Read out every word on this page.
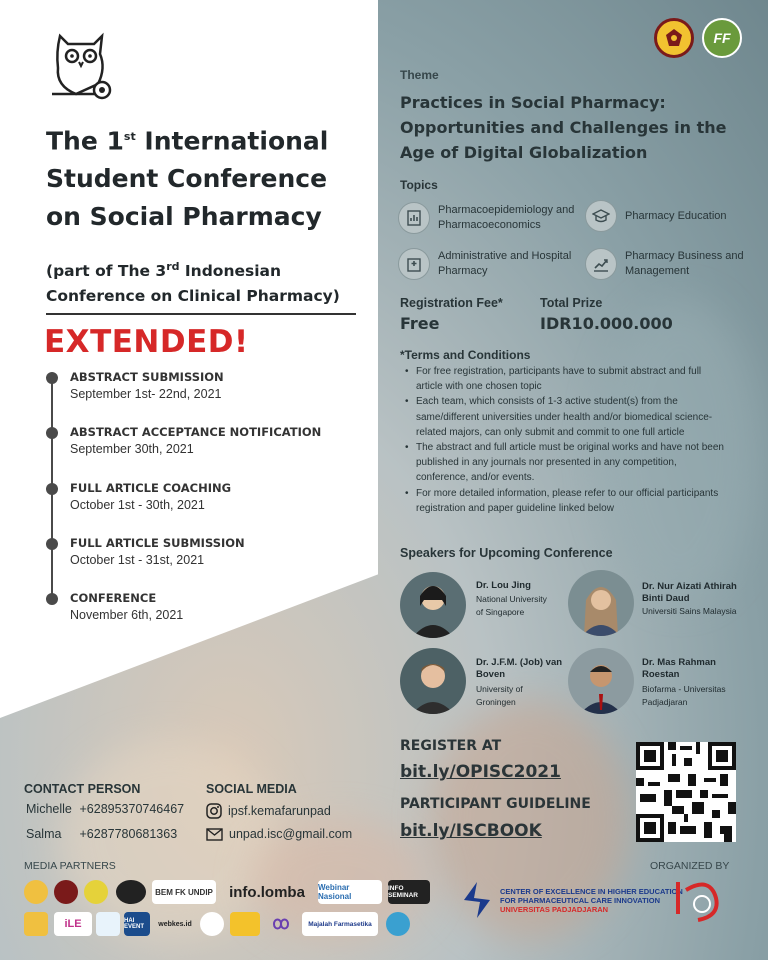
The 1st International Student Conference on Social Pharmacy
(part of The 3rd Indonesian Conference on Clinical Pharmacy)
EXTENDED!
ABSTRACT SUBMISSION
September 1st- 22nd, 2021
ABSTRACT ACCEPTANCE NOTIFICATION
September 30th, 2021
FULL ARTICLE COACHING
October 1st - 30th, 2021
FULL ARTICLE SUBMISSION
October 1st - 31st, 2021
CONFERENCE
November 6th, 2021
FF
Theme
Practices in Social Pharmacy: Opportunities and Challenges in the Age of Digital Globalization
Topics
Pharmacoepidemiology and Pharmacoeconomics
Pharmacy Education
Administrative and Hospital Pharmacy
Pharmacy Business and Management
Registration Fee*
Free
Total Prize
IDR10.000.000
*Terms and Conditions
• For free registration, participants have to submit abstract and full article with one chosen topic
• Each team, which consists of 1-3 active student(s) from the same/different universities under health and/or biomedical science-related majors, can only submit and commit to one full article
• The abstract and full article must be original works and have not been published in any journals nor presented in any competition, conference, and/or events.
• For more detailed information, please refer to our official participants registration and paper guideline linked below
Speakers for Upcoming Conference
Dr. Lou Jing
National University of Singapore
Dr. Nur Aizati Athirah Binti Daud
Universiti Sains Malaysia
Dr. J.F.M. (Job) van Boven
University of Groningen
Dr. Mas Rahman Roestan
Biofarma - Universitas Padjadjaran
REGISTER AT
bit.ly/OPISC2021
PARTICIPANT GUIDELINE
bit.ly/ISCBOOK
CONTACT PERSON
Michelle +62895370746467
Salma +6287780681363
SOCIAL MEDIA
ipsf.kemafarunpad
unpad.isc@gmail.com
MEDIA PARTNERS	ORGANIZED BY
BEM FK UNDIP	info.lomba	Webinar Nasional
INFO SEMINAR
iLE	HAI EVENT	webkes.id	Majalah Farmasetika
CENTER OF EXCELLENCE IN HIGHER EDUCATION
FOR PHARMACEUTICAL CARE INNOVATION
UNIVERSITAS PADJADJARAN
